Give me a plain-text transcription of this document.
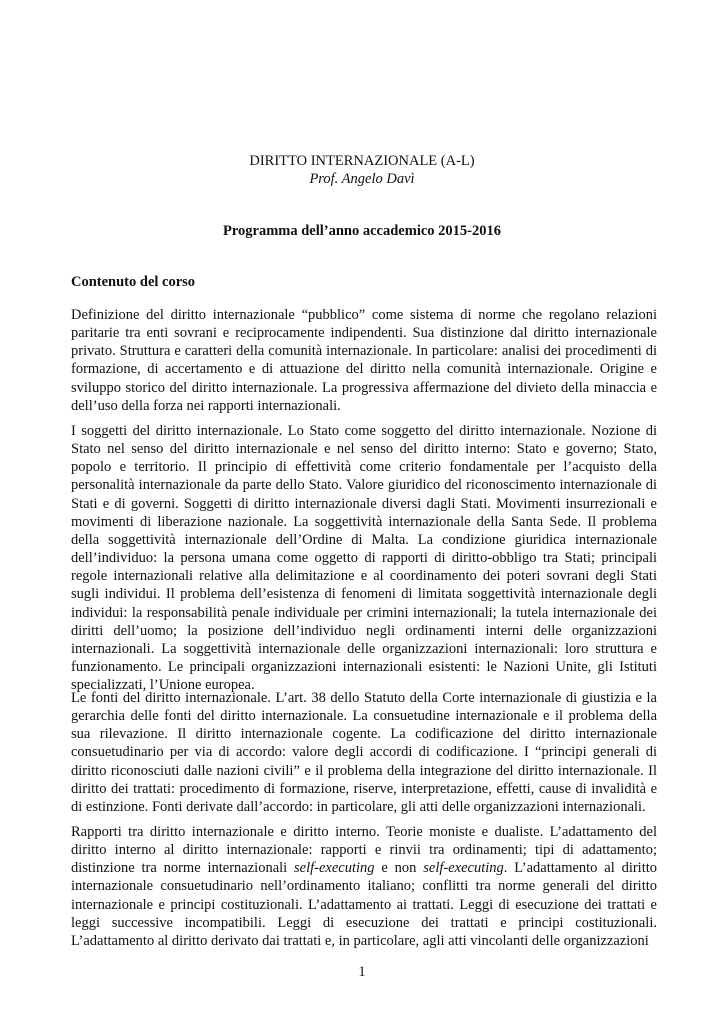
DIRITTO INTERNAZIONALE (A-L)
Prof. Angelo Davì
Programma dell’anno accademico 2015-2016
Contenuto del corso

Definizione del diritto internazionale “pubblico” come sistema di norme che regolano relazioni paritarie tra enti sovrani e reciprocamente indipendenti. Sua distinzione dal diritto internazionale privato. Struttura e caratteri della comunità internazionale. In particolare: analisi dei procedimenti di formazione, di accertamento e di attuazione del diritto nella comunità internazionale. Origine e sviluppo storico del diritto internazionale. La progressiva affermazione del divieto della minaccia e dell’uso della forza nei rapporti internazionali.

I soggetti del diritto internazionale. Lo Stato come soggetto del diritto internazionale. Nozione di Stato nel senso del diritto internazionale e nel senso del diritto interno: Stato e governo; Stato, popolo e territorio. Il principio di effettività come criterio fondamentale per l’acquisto della personalità internazionale da parte dello Stato. Valore giuridico del riconoscimento internazionale di Stati e di governi. Soggetti di diritto internazionale diversi dagli Stati. Movimenti insurrezionali e movimenti di liberazione nazionale. La soggettività internazionale della Santa Sede. Il problema della soggettività internazionale dell’Ordine di Malta. La condizione giuridica internazionale dell’individuo: la persona umana come oggetto di rapporti di diritto-obbligo tra Stati; principali regole internazionali relative alla delimitazione e al coordinamento dei poteri sovrani degli Stati sugli individui. Il problema dell’esistenza di fenomeni di limitata soggettività internazionale degli individui: la responsabilità penale individuale per crimini internazionali; la tutela internazionale dei diritti dell’uomo; la posizione dell’individuo negli ordinamenti interni delle organizzazioni internazionali. La soggettività internazionale delle organizzazioni internazionali: loro struttura e funzionamento. Le principali organizzazioni internazionali esistenti: le Nazioni Unite, gli Istituti specializzati, l’Unione europea.

Le fonti del diritto internazionale. L’art. 38 dello Statuto della Corte internazionale di giustizia e la gerarchia delle fonti del diritto internazionale. La consuetudine internazionale e il problema della sua rilevazione. Il diritto internazionale cogente. La codificazione del diritto internazionale consuetudinario per via di accordo: valore degli accordi di codificazione. I “principi generali di diritto riconosciuti dalle nazioni civili” e il problema della integrazione del diritto internazionale. Il diritto dei trattati: procedimento di formazione, riserve, interpretazione, effetti, cause di invalidità e di estinzione. Fonti derivate dall’accordo: in particolare, gli atti delle organizzazioni internazionali.

Rapporti tra diritto internazionale e diritto interno. Teorie moniste e dualiste. L’adattamento del diritto interno al diritto internazionale: rapporti e rinvii tra ordinamenti; tipi di adattamento; distinzione tra norme internazionali self-executing e non self-executing. L’adattamento al diritto internazionale consuetudinario nell’ordinamento italiano; conflitti tra norme generali del diritto internazionale e principi costituzionali. L’adattamento ai trattati. Leggi di esecuzione dei trattati e leggi successive incompatibili. Leggi di esecuzione dei trattati e principi costituzionali. L’adattamento al diritto derivato dai trattati e, in particolare, agli atti vincolanti delle organizzazioni

1
